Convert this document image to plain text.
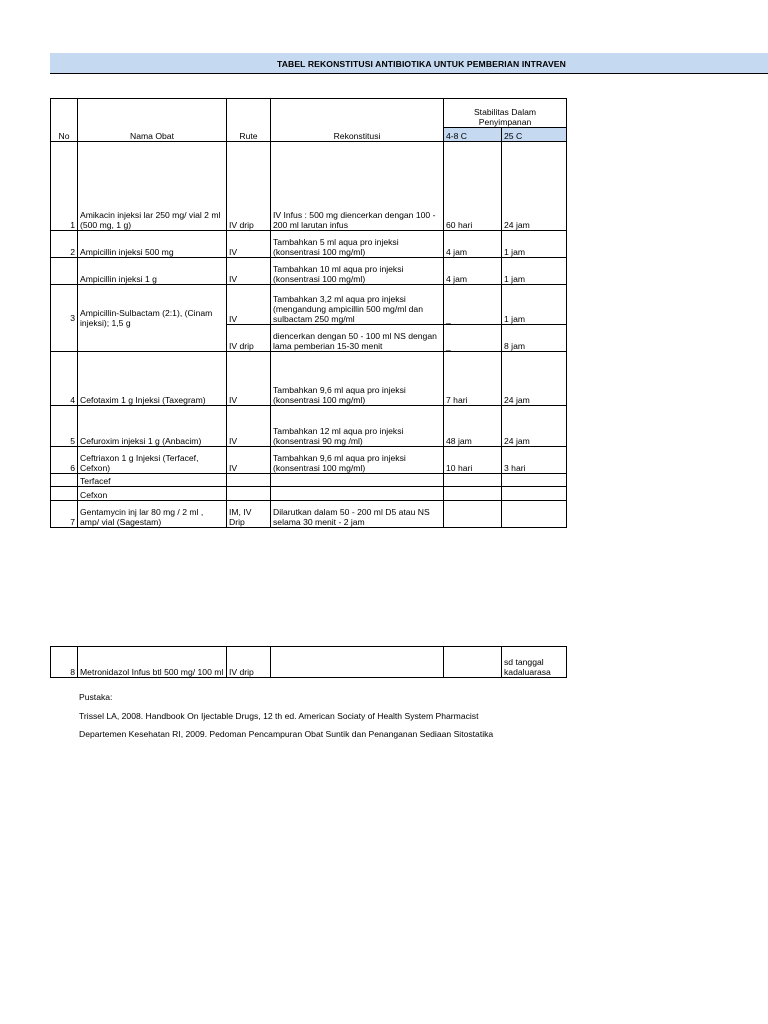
TABEL REKONSTITUSI ANTIBIOTIKA UNTUK PEMBERIAN INTRAVEN
No	Nama Obat	Rute	Rekonstitusi	Stabilitas Dalam
Penyimpanan	
				4-8 C	25 C
1	Amikacin injeksi lar 250 mg/ vial 2 ml (500 mg, 1 g)	IV drip	IV Infus : 500 mg diencerkan dengan 100 - 200 ml larutan infus	60 hari	24 jam
2	Ampicillin injeksi 500 mg	IV	Tambahkan 5 ml aqua pro injeksi (konsentrasi 100 mg/ml)	4 jam	1 jam
	Ampicillin injeksi 1 g	IV	Tambahkan 10 ml aqua pro injeksi (konsentrasi 100 mg/ml)	4 jam	1 jam
3	Ampicillin-Sulbactam (2:1), (Cinam injeksi); 1,5 g	IV	Tambahkan 3,2 ml aqua pro injeksi (mengandung ampicillin 500 mg/ml dan sulbactam 250 mg/ml	_	1 jam
		IV drip	diencerkan dengan 50 - 100 ml NS dengan lama pemberian 15-30 menit	_	8 jam
4	Cefotaxim 1 g Injeksi (Taxegram)	IV	Tambahkan 9,6 ml aqua pro injeksi (konsentrasi 100 mg/ml)	7 hari	24 jam
5	Cefuroxim injeksi 1 g (Anbacim)	IV	Tambahkan 12 ml aqua pro injeksi (konsentrasi 90 mg /ml)	48 jam	24 jam
6	Ceftriaxon 1 g Injeksi (Terfacef, Cefxon)	IV	Tambahkan 9,6 ml aqua pro injeksi (konsentrasi 100 mg/ml)	10 hari	3 hari
	Terfacef				
	Cefxon				
7	Gentamycin inj lar 80 mg / 2 ml , amp/ vial (Sagestam)	IM, IV Drip	Dilarutkan dalam 50 - 200 ml D5 atau NS selama 30 menit - 2 jam		
8	Metronidazol Infus btl 500 mg/ 100 ml	IV drip			sd tanggal kadaluarasa
Pustaka:
Trissel LA, 2008. Handbook On Ijectable Drugs, 12 th ed. American Sociaty of Health System Pharmacist
Departemen Kesehatan RI, 2009. Pedoman Pencampuran Obat Suntik dan Penanganan Sediaan Sitostatika
